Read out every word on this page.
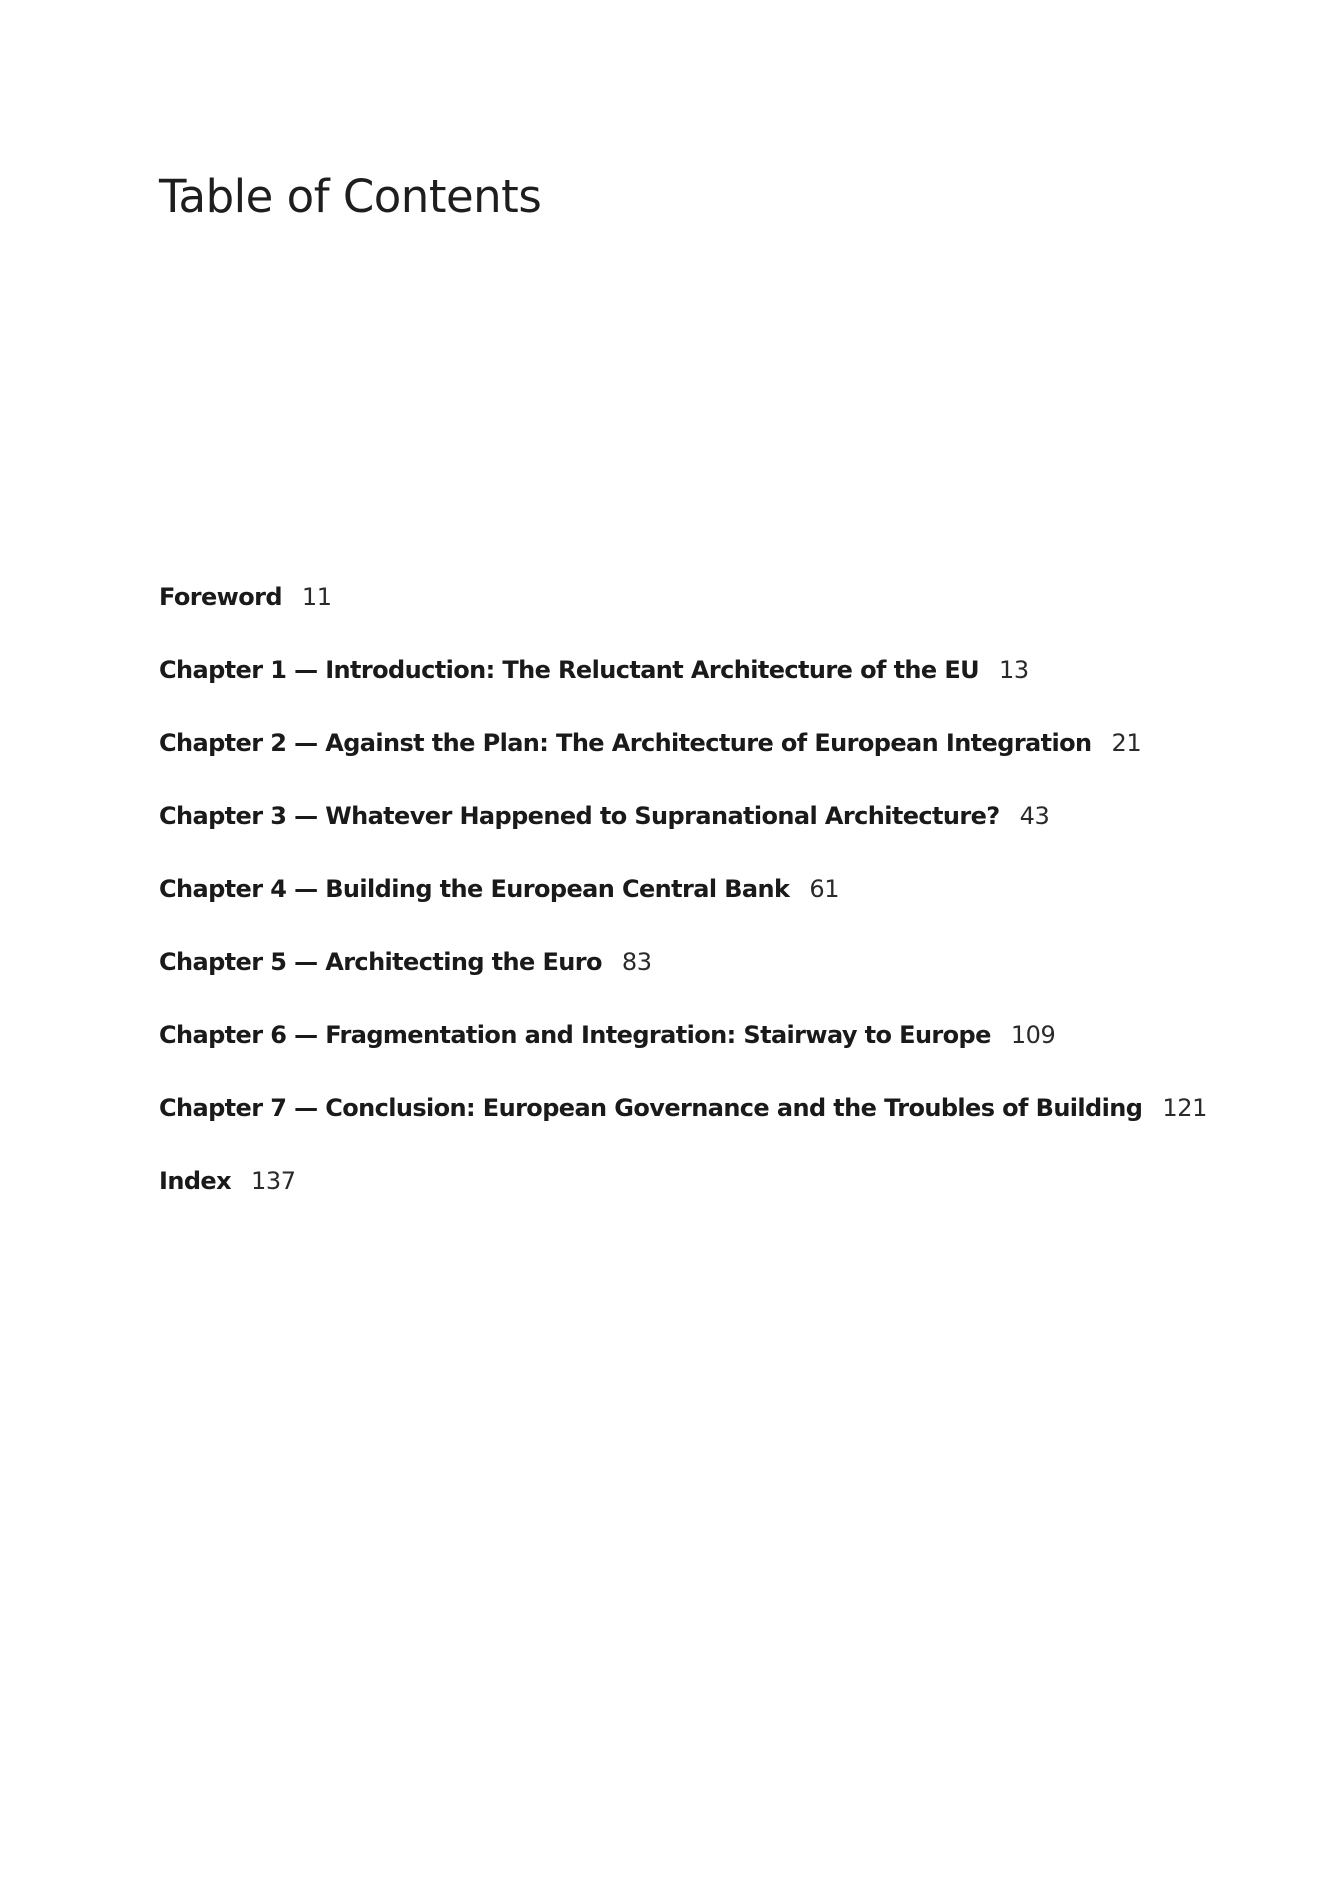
Table of Contents
Foreword 11
Chapter 1 — Introduction: The Reluctant Architecture of the EU 13
Chapter 2 — Against the Plan: The Architecture of European Integration 21
Chapter 3 — Whatever Happened to Supranational Architecture? 43
Chapter 4 — Building the European Central Bank 61
Chapter 5 — Architecting the Euro 83
Chapter 6 — Fragmentation and Integration: Stairway to Europe 109
Chapter 7 — Conclusion: European Governance and the Troubles of Building 121
Index 137
